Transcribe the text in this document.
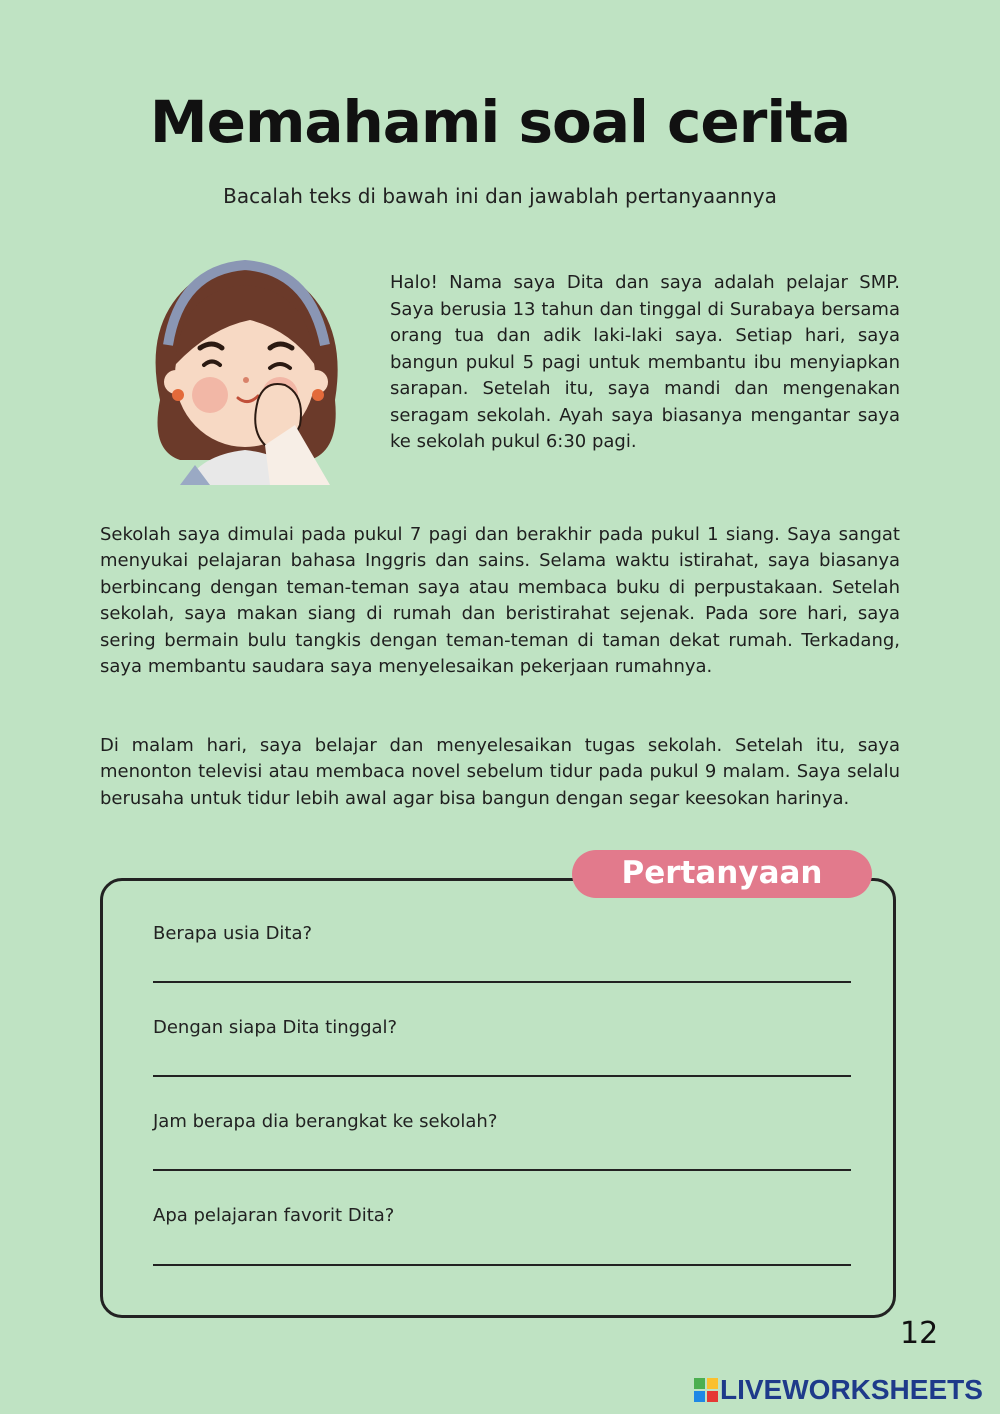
Memahami soal cerita
Bacalah teks di bawah ini dan jawablah pertanyaannya

Halo! Nama saya Dita dan saya adalah pelajar SMP. Saya berusia 13 tahun dan tinggal di Surabaya bersama orang tua dan adik laki-laki saya. Setiap hari, saya bangun pukul 5 pagi untuk membantu ibu menyiapkan sarapan. Setelah itu, saya mandi dan mengenakan seragam sekolah. Ayah saya biasanya mengantar saya ke sekolah pukul 6:30 pagi.

Sekolah saya dimulai pada pukul 7 pagi dan berakhir pada pukul 1 siang. Saya sangat menyukai pelajaran bahasa Inggris dan sains. Selama waktu istirahat, saya biasanya berbincang dengan teman-teman saya atau membaca buku di perpustakaan. Setelah sekolah, saya makan siang di rumah dan beristirahat sejenak. Pada sore hari, saya sering bermain bulu tangkis dengan teman-teman di taman dekat rumah. Terkadang, saya membantu saudara saya menyelesaikan pekerjaan rumahnya.

Di malam hari, saya belajar dan menyelesaikan tugas sekolah. Setelah itu, saya menonton televisi atau membaca novel sebelum tidur pada pukul 9 malam. Saya selalu berusaha untuk tidur lebih awal agar bisa bangun dengan segar keesokan harinya.

Pertanyaan
Berapa usia Dita?
Dengan siapa Dita tinggal?
Jam berapa dia berangkat ke sekolah?
Apa pelajaran favorit Dita?
12
LIVEWORKSHEETS
